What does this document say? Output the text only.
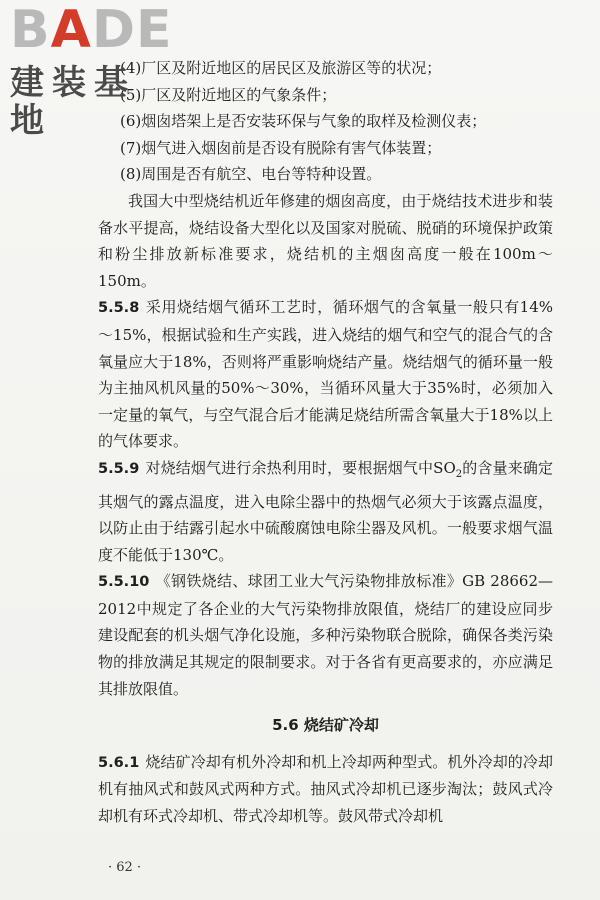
BADE
建装基地
(4)厂区及附近地区的居民区及旅游区等的状况；
(5)厂区及附近地区的气象条件；
(6)烟囱塔架上是否安装环保与气象的取样及检测仪表；
(7)烟气进入烟囱前是否设有脱除有害气体装置；
(8)周围是否有航空、电台等特种设置。
我国大中型烧结机近年修建的烟囱高度，由于烧结技术进步和装备水平提高，烧结设备大型化以及国家对脱硫、脱硝的环境保护政策和粉尘排放新标准要求，烧结机的主烟囱高度一般在100m～150m。
5.5.8 采用烧结烟气循环工艺时，循环烟气的含氧量一般只有14%～15%，根据试验和生产实践，进入烧结的烟气和空气的混合气的含氧量应大于18%，否则将严重影响烧结产量。烧结烟气的循环量一般为主抽风机风量的50%～30%，当循环风量大于35%时，必须加入一定量的氧气，与空气混合后才能满足烧结所需含氧量大于18%以上的气体要求。
5.5.9 对烧结烟气进行余热利用时，要根据烟气中$SO_2$的含量来确定其烟气的露点温度，进入电除尘器中的热烟气必须大于该露点温度，以防止由于结露引起水中硫酸腐蚀电除尘器及风机。一般要求烟气温度不能低于130℃。
5.5.10 《钢铁烧结、球团工业大气污染物排放标准》GB 28662—2012中规定了各企业的大气污染物排放限值，烧结厂的建设应同步建设配套的机头烟气净化设施，多种污染物联合脱除，确保各类污染物的排放满足其规定的限制要求。对于各省有更高要求的，亦应满足其排放限值。
5.6 烧结矿冷却
5.6.1 烧结矿冷却有机外冷却和机上冷却两种型式。机外冷却的冷却机有抽风式和鼓风式两种方式。抽风式冷却机已逐步淘汰；鼓风式冷却机有环式冷却机、带式冷却机等。鼓风带式冷却机
· 62 ·
